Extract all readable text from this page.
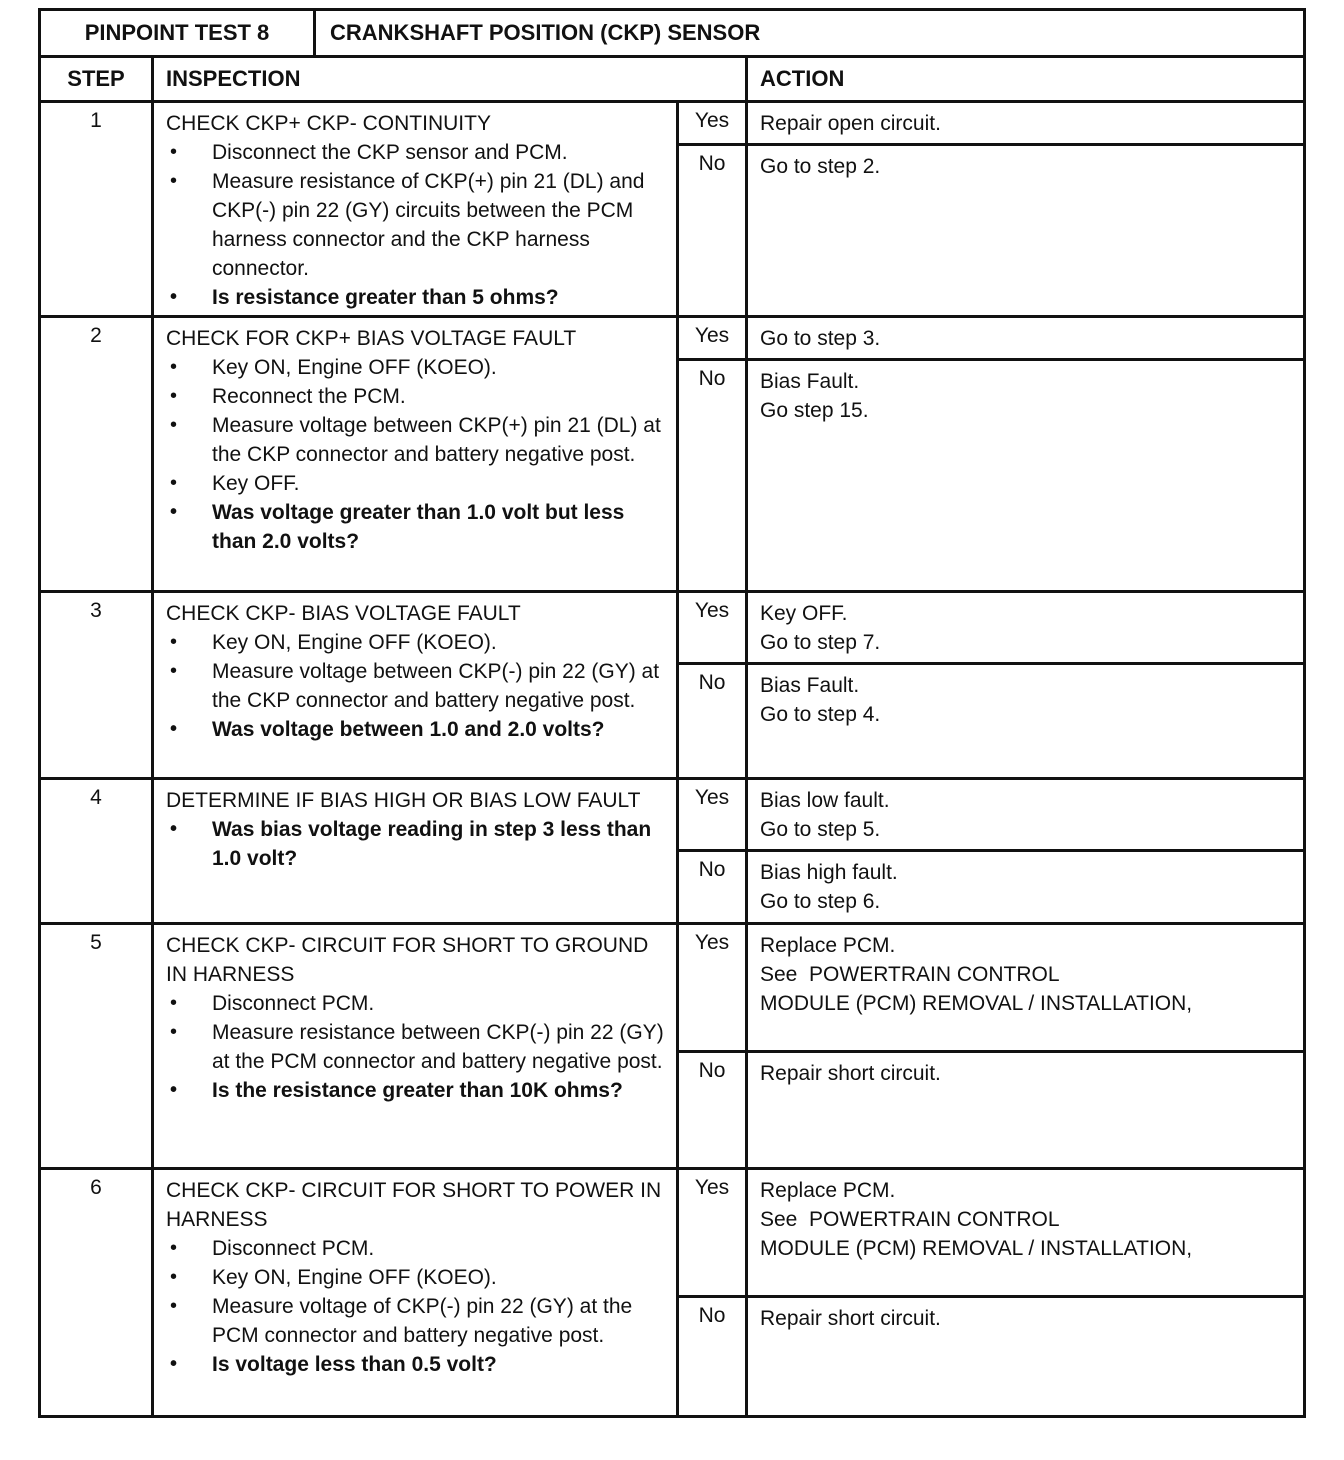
PINPOINT TEST 8	CRANKSHAFT POSITION (CKP) SENSOR
STEP	INSPECTION	ACTION
1	CHECK CKP+ CKP- CONTINUITY
• Disconnect the CKP sensor and PCM.
• Measure resistance of CKP(+) pin 21 (DL) and CKP(-) pin 22 (GY) circuits between the PCM harness connector and the CKP harness connector.
• Is resistance greater than 5 ohms?
Yes	Repair open circuit.
No	Go to step 2.
2	CHECK FOR CKP+ BIAS VOLTAGE FAULT
• Key ON, Engine OFF (KOEO).
• Reconnect the PCM.
• Measure voltage between CKP(+) pin 21 (DL) at the CKP connector and battery negative post.
• Key OFF.
• Was voltage greater than 1.0 volt but less than 2.0 volts?
Yes	Go to step 3.
No	Bias Fault.
Go step 15.
3	CHECK CKP- BIAS VOLTAGE FAULT
• Key ON, Engine OFF (KOEO).
• Measure voltage between CKP(-) pin 22 (GY) at the CKP connector and battery negative post.
• Was voltage between 1.0 and 2.0 volts?
Yes	Key OFF.
Go to step 7.
No	Bias Fault.
Go to step 4.
4	DETERMINE IF BIAS HIGH OR BIAS LOW FAULT
• Was bias voltage reading in step 3 less than 1.0 volt?
Yes	Bias low fault.
Go to step 5.
No	Bias high fault.
Go to step 6.
5	CHECK CKP- CIRCUIT FOR SHORT TO GROUND IN HARNESS
• Disconnect PCM.
• Measure resistance between CKP(-) pin 22 (GY) at the PCM connector and battery negative post.
• Is the resistance greater than 10K ohms?
Yes	Replace PCM.
See  POWERTRAIN CONTROL
MODULE (PCM) REMOVAL / INSTALLATION,
No	Repair short circuit.
6	CHECK CKP- CIRCUIT FOR SHORT TO POWER IN HARNESS
• Disconnect PCM.
• Key ON, Engine OFF (KOEO).
• Measure voltage of CKP(-) pin 22 (GY) at the PCM connector and battery negative post.
• Is voltage less than 0.5 volt?
Yes	Replace PCM.
See  POWERTRAIN CONTROL
MODULE (PCM) REMOVAL / INSTALLATION,
No	Repair short circuit.
